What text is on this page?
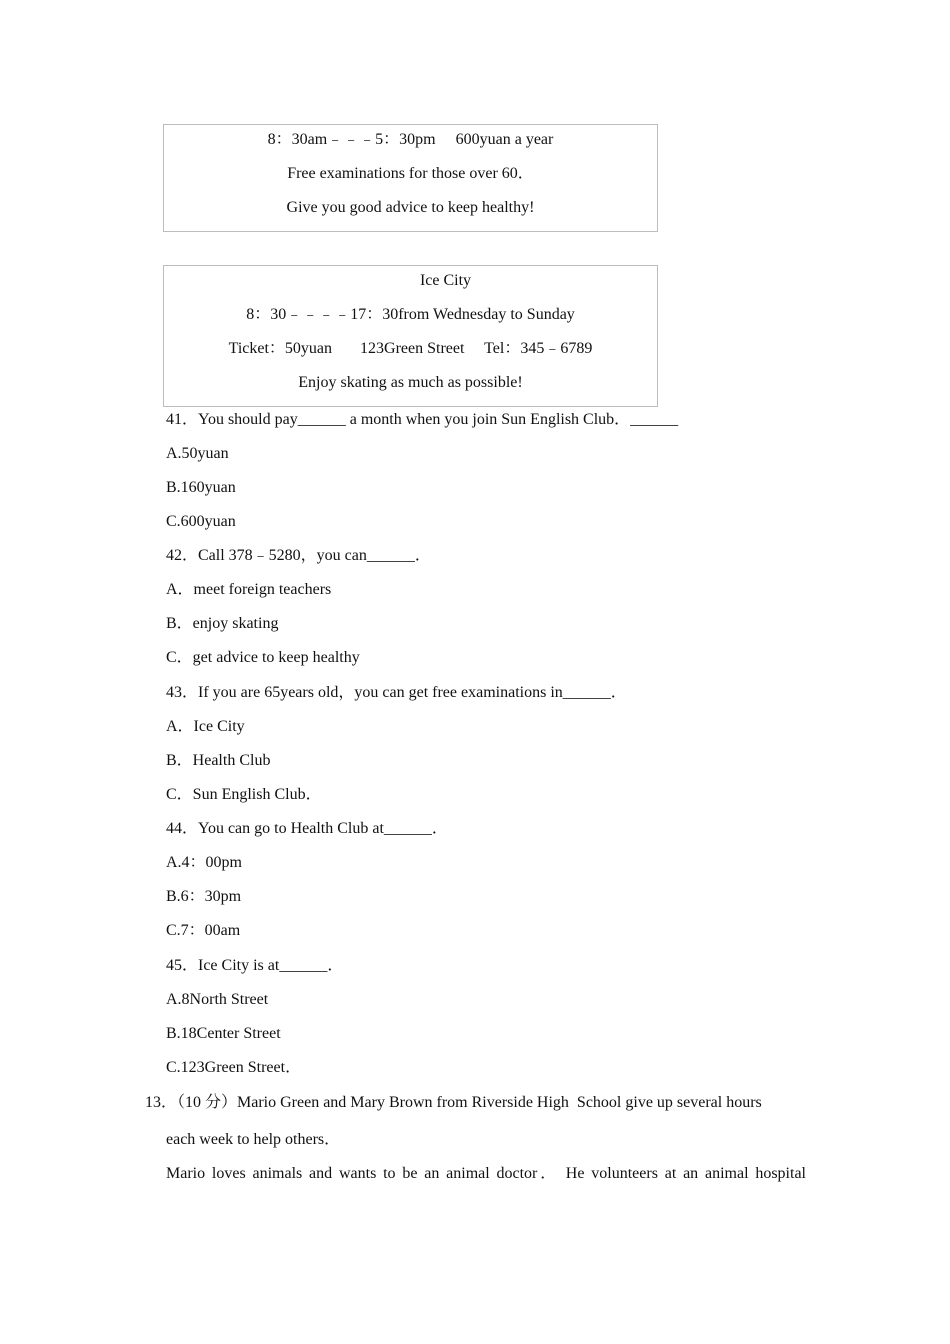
8：30am﹣﹣﹣5：30pm     600yuan a year
Free examinations for those over 60．
Give you good advice to keep healthy!
Ice City
8：30﹣﹣﹣﹣17：30from Wednesday to Sunday
Ticket：50yuan       123Green Street     Tel：345﹣6789
Enjoy skating as much as possible!
41．You should pay______ a month when you join Sun English Club．______
A.50yuan
B.160yuan
C.600yuan
42．Call 378﹣5280，you can______．
A．meet foreign teachers
B．enjoy skating
C．get advice to keep healthy
43．If you are 65years old，you can get free examinations in______．
A．Ice City
B．Health Club
C．Sun English Club．
44．You can go to Health Club at______．
A.4：00pm
B.6：30pm
C.7：00am
45．Ice City is at______．
A.8North Street
B.18Center Street
C.123Green Street．
13．（10 分）Mario Green and Mary Brown from Riverside High  School give up several hours
each week to help others．
Mario loves animals and wants to be an animal doctor． He volunteers at an animal hospital
